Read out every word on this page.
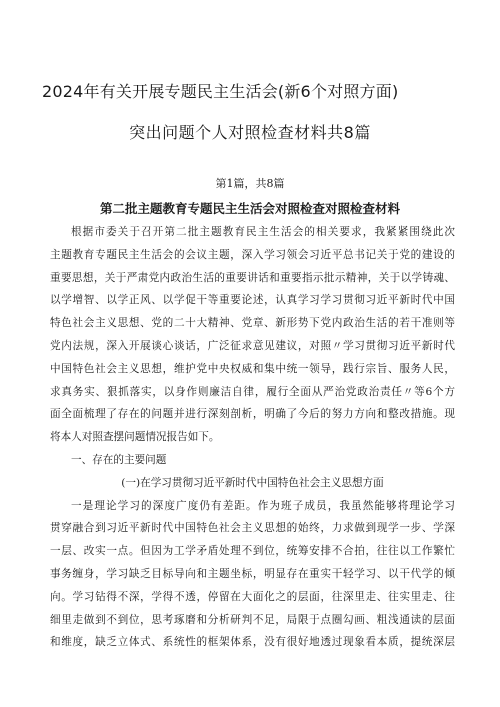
2024年有关开展专题民主生活会(新6个对照方面)
突出问题个人对照检查材料共8篇
第1篇，共8篇
第二批主题教育专题民主生活会对照检查对照检查材料
根据市委关于召开第二批主题教育民主生活会的相关要求，我紧紧围绕此次
主题教育专题民主生活会的会议主题，深入学习领会习近平总书记关于党的建设的
重要思想，关于严肃党内政治生活的重要讲话和重要指示批示精神，关于以学铸魂、
以学增智、以学正风、以学促干等重要论述，认真学习学习贯彻习近平新时代中国
特色社会主义思想、党的二十大精神、党章、新形势下党内政治生活的若干准则等
党内法规，深入开展谈心谈话，广泛征求意见建议，对照〃学习贯彻习近平新时代
中国特色社会主义思想，维护党中央权威和集中统一领导，践行宗旨、服务人民，
求真务实、狠抓落实，以身作则廉洁自律，履行全面从严治党政治责任〃等6个方
面全面梳理了存在的问题并进行深刻剖析，明确了今后的努力方向和整改措施。现
将本人对照查摆问题情况报告如下。
一、存在的主要问题
(一)在学习贯彻习近平新时代中国特色社会主义思想方面
一是理论学习的深度广度仍有差距。作为班子成员，我虽然能够将理论学习
贯穿融合到习近平新时代中国特色社会主义思想的始终，力求做到现学一步、学深
一层、改实一点。但因为工学矛盾处理不到位，统筹安排不合拍，往往以工作繁忙
事务缠身，学习缺乏目标导向和主题坐标，明显存在重实干轻学习、以干代学的倾
向。学习钻得不深，学得不透，停留在大面化之的层面，往深里走、往实里走、往
细里走做到不到位，思考琢磨和分析研判不足，局限于点圈勾画、粗浅通读的层面
和维度，缺乏立体式、系统性的框架体系，没有很好地透过现象看本质，提统深层
